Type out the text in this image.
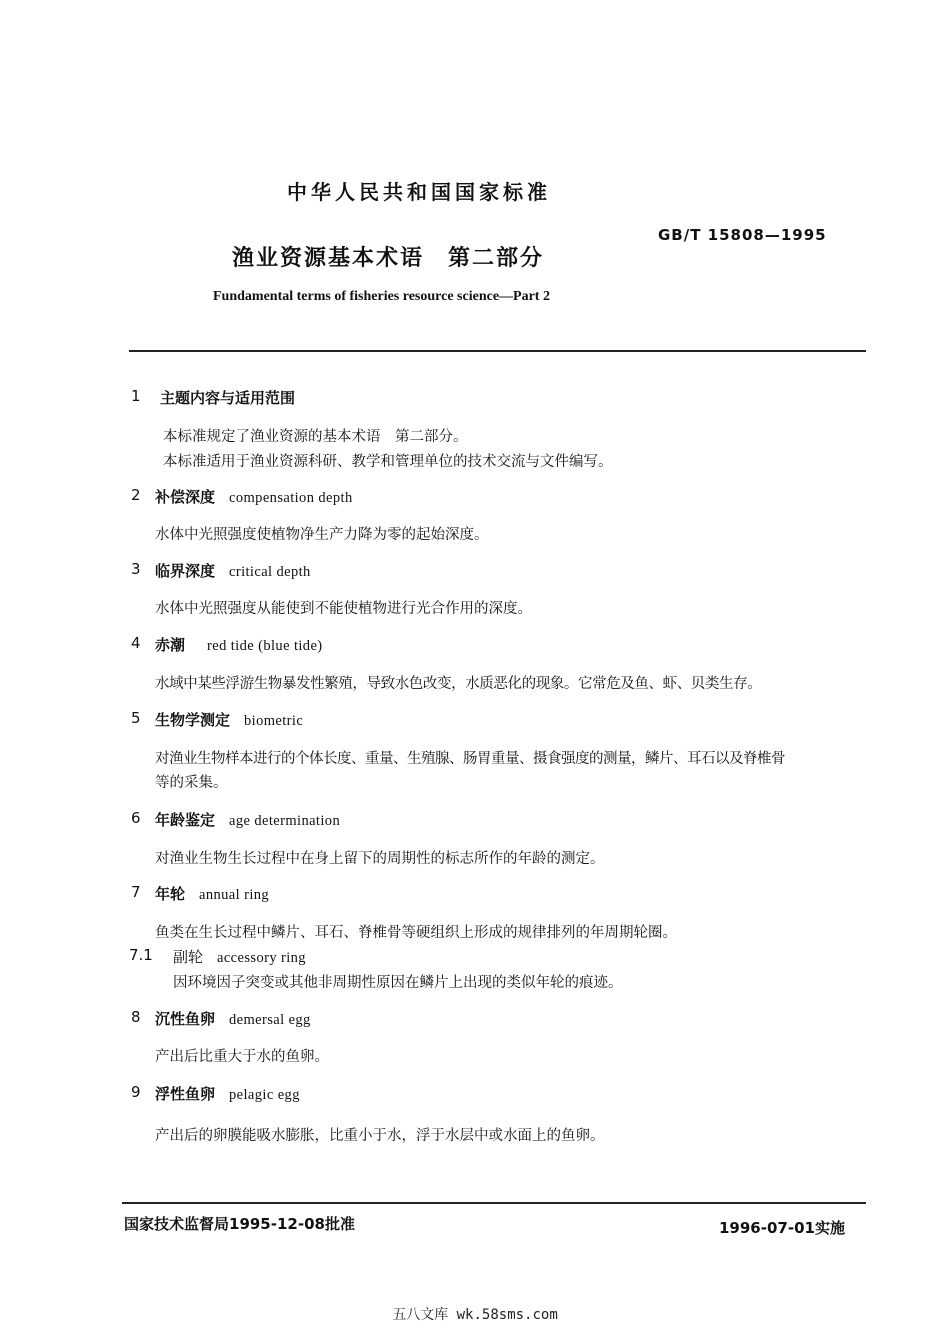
中华人民共和国国家标准
GB/T 15808—1995
渔业资源基本术语　第二部分
Fundamental terms of fisheries resource science—Part 2
1 主题内容与适用范围
本标准规定了渔业资源的基本术语　第二部分。
本标准适用于渔业资源科研、教学和管理单位的技术交流与文件编写。
2 补偿深度 compensation depth
水体中光照强度使植物净生产力降为零的起始深度。
3 临界深度 critical depth
水体中光照强度从能使到不能使植物进行光合作用的深度。
4 赤潮 red tide (blue tide)
水域中某些浮游生物暴发性繁殖，导致水色改变，水质恶化的现象。它常危及鱼、虾、贝类生存。
5 生物学测定 biometric
对渔业生物样本进行的个体长度、重量、生殖腺、肠胃重量、摄食强度的测量，鳞片、耳石以及脊椎骨
等的采集。
6 年龄鉴定 age determination
对渔业生物生长过程中在身上留下的周期性的标志所作的年龄的测定。
7 年轮 annual ring
鱼类在生长过程中鳞片、耳石、脊椎骨等硬组织上形成的规律排列的年周期轮圈。
7.1 副轮 accessory ring
因环境因子突变或其他非周期性原因在鳞片上出现的类似年轮的痕迹。
8 沉性鱼卵 demersal egg
产出后比重大于水的鱼卵。
9 浮性鱼卵 pelagic egg
产出后的卵膜能吸水膨胀，比重小于水，浮于水层中或水面上的鱼卵。
国家技术监督局1995-12-08批准	1996-07-01实施
五八文库 wk.58sms.com
